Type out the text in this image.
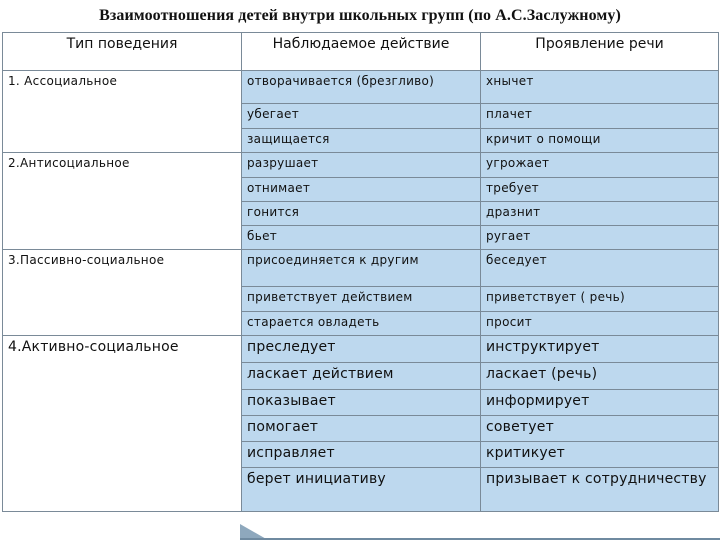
Взаимоотношения детей внутри школьных групп (по А.С.Заслужному)
Тип поведения	Наблюдаемое действие	Проявление речи
1. Ассоциальное	отворачивается (брезгливо)	хнычет
	убегает	плачет
	защищается	кричит о помощи
2.Антисоциальное	разрушает	угрожает
	отнимает	требует
	гонится	дразнит
	бьет	ругает
3.Пассивно-социальное	присоединяется к другим	беседует
	приветствует действием	приветствует ( речь)
	старается овладеть	просит
4.Активно-социальное	преследует	инструктирует
	ласкает действием	ласкает (речь)
	показывает	информирует
	помогает	советует
	исправляет	критикует
	берет инициативу	призывает к сотрудничеству
